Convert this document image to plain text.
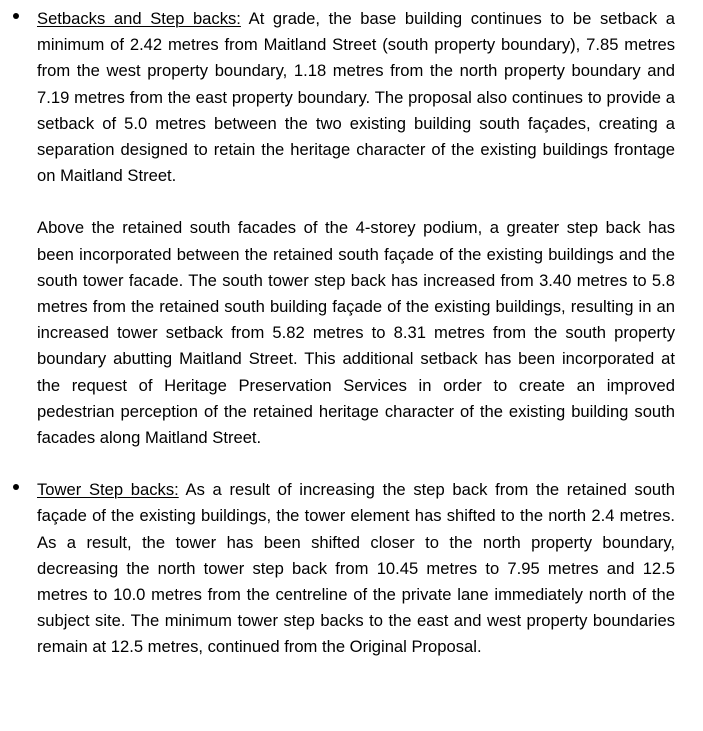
Setbacks and Step backs: At grade, the base building continues to be setback a minimum of 2.42 metres from Maitland Street (south property boundary), 7.85 metres from the west property boundary, 1.18 metres from the north property boundary and 7.19 metres from the east property boundary. The proposal also continues to provide a setback of 5.0 metres between the two existing building south façades, creating a separation designed to retain the heritage character of the existing buildings frontage on Maitland Street.

Above the retained south facades of the 4-storey podium, a greater step back has been incorporated between the retained south façade of the existing buildings and the south tower facade. The south tower step back has increased from 3.40 metres to 5.8 metres from the retained south building façade of the existing buildings, resulting in an increased tower setback from 5.82 metres to 8.31 metres from the south property boundary abutting Maitland Street. This additional setback has been incorporated at the request of Heritage Preservation Services in order to create an improved pedestrian perception of the retained heritage character of the existing building south facades along Maitland Street.

Tower Step backs: As a result of increasing the step back from the retained south façade of the existing buildings, the tower element has shifted to the north 2.4 metres. As a result, the tower has been shifted closer to the north property boundary, decreasing the north tower step back from 10.45 metres to 7.95 metres and 12.5 metres to 10.0 metres from the centreline of the private lane immediately north of the subject site. The minimum tower step backs to the east and west property boundaries remain at 12.5 metres, continued from the Original Proposal.
